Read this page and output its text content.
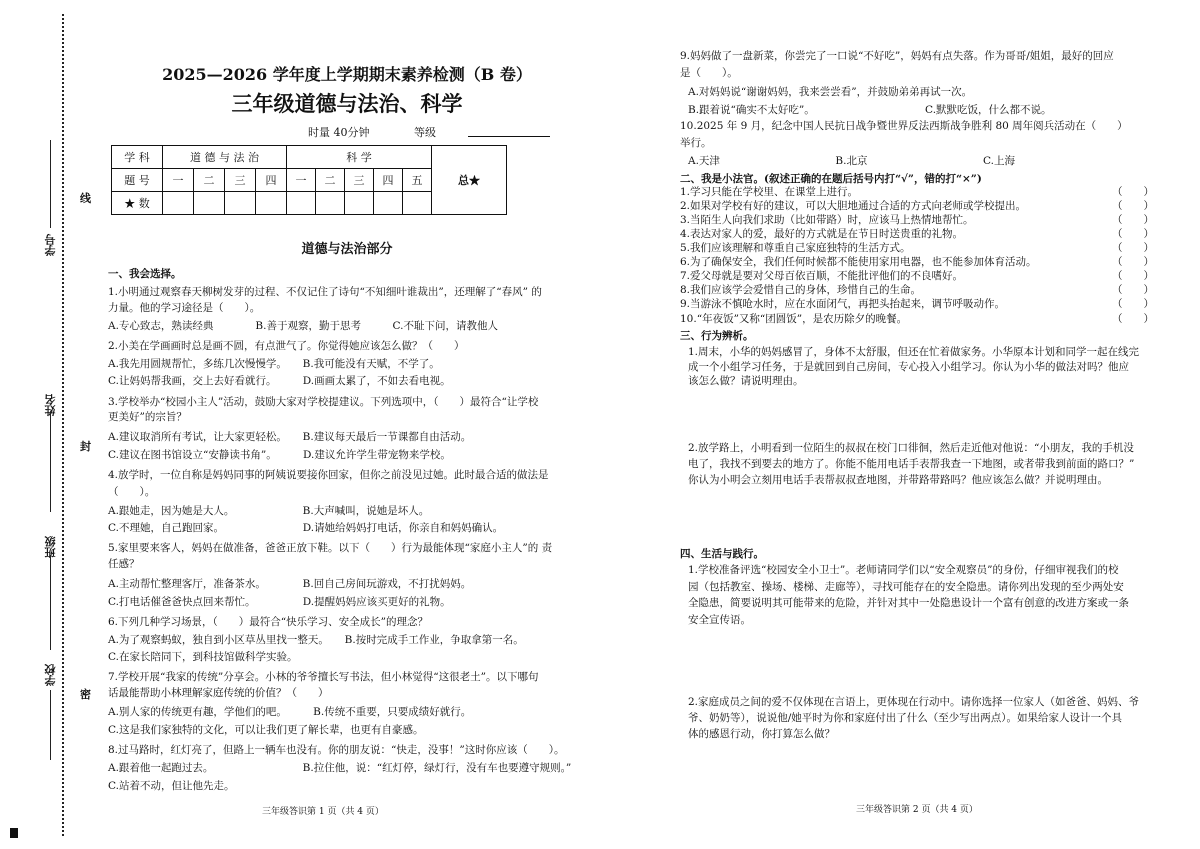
学号
姓名
班级
学校
线
封
密
2025—2026 学年度上学期期末素养检测（B 卷）
三年级道德与法治、科学
时量 40分钟	等级
学 科	道 德 与 法 治				科 学					总★
题 号	一	二	三	四	一	二	三	四	五	
★ 数										
道德与法治部分
一、我会选择。
1.小明通过观察春天柳树发芽的过程、不仅记住了诗句“不知细叶谁裁出”，还理解了“春风” 的
力量。他的学习途径是（　　）。
A.专心致志，熟读经典　　　　B.善于观察，勤于思考　　　C.不耻下问，请教他人
2.小美在学画画时总是画不圆，有点泄气了。你觉得她应该怎么做？（　　）
A.我先用圆规帮忙，多练几次慢慢学。　　B.我可能没有天赋，不学了。
C.让妈妈帮我画，交上去好看就行。　　　D.画画太累了，不如去看电视。
3.学校举办“校园小主人”活动，鼓励大家对学校提建议。下列选项中，（　　）最符合“让学校
更美好”的宗旨？
A.建议取消所有考试，让大家更轻松。　　B.建议每天最后一节课都自由活动。
C.建议在图书馆设立“安静读书角”。　　　D.建议允许学生带宠物来学校。
4.放学时，一位自称是妈妈同事的阿姨说要接你回家，但你之前没见过她。此时最合适的做法是
（　　）。
A.跟她走，因为她是大人。　　　　　　　B.大声喊叫，说她是坏人。
C.不理她，自己跑回家。　　　　　　　　D.请她给妈妈打电话，你亲自和妈妈确认。
5.家里要来客人，妈妈在做准备，爸爸正放下鞋。以下（　　）行为最能体现“家庭小主人”的 责
任感？
A.主动帮忙整理客厅，准备茶水。　　　　B.回自己房间玩游戏，不打扰妈妈。
C.打电话催爸爸快点回来帮忙。　　　　　D.提醒妈妈应该买更好的礼物。
6.下列几种学习场景，（　　）最符合“快乐学习、安全成长”的理念？
A.为了观察蚂蚁，独自到小区草丛里找一整天。　　B.按时完成手工作业，争取拿第一名。
C.在家长陪同下，到科技馆做科学实验。
7.学校开展“我家的传统”分享会。小林的爷爷擅长写书法，但小林觉得“这很老土”。以下哪句
话最能帮助小林理解家庭传统的价值？（　　）
A.别人家的传统更有趣，学他们的吧。　　　B.传统不重要，只要成绩好就行。
C.这是我们家独特的文化，可以让我们更了解长辈，也更有自豪感。
8.过马路时，红灯亮了，但路上一辆车也没有。你的朋友说：“快走，没事！”这时你应该（　　）。
A.跟着他一起跑过去。　　　　　　　　　B.拉住他，说：“红灯停，绿灯行，没有车也要遵守规则。”
C.站着不动，但让他先走。
三年级答识第 1 页（共 4 页）
9.妈妈做了一盘新菜，你尝完了一口说“不好吃”，妈妈有点失落。作为哥哥/姐姐，最好的回应
是（　　）。
A.对妈妈说“谢谢妈妈，我来尝尝看”，并鼓励弟弟再试一次。
B.跟着说“确实不太好吃”。　　　　　　　　　　　C.默默吃饭，什么都不说。
10.2025 年 9 月，纪念中国人民抗日战争暨世界反法西斯战争胜利 80 周年阅兵活动在（　　）
举行。
A.天津　　　　　　　　　　　B.北京　　　　　　　　　　　C.上海
二、我是小法官。(叙述正确的在题后括号内打“√”，错的打“×”)
1.学习只能在学校里、在课堂上进行。
2.如果对学校有好的建议，可以大胆地通过合适的方式向老师或学校提出。
3.当陌生人向我们求助（比如带路）时，应该马上热情地帮忙。
4.表达对家人的爱，最好的方式就是在节日时送贵重的礼物。
5.我们应该理解和尊重自己家庭独特的生活方式。
6.为了确保安全，我们任何时候都不能使用家用电器，也不能参加体育活动。
7.爱父母就是要对父母百依百顺，不能批评他们的不良嗜好。
8.我们应该学会爱惜自己的身体，珍惜自己的生命。
9.当游泳不慎呛水时，应在水面闭气，再把头抬起来，调节呼吸动作。
10.“年夜饭”又称“团圆饭”，是农历除夕的晚餐。
三、行为辨析。
1.周末，小华的妈妈感冒了，身体不太舒服，但还在忙着做家务。小华原本计划和同学一起在线完
成一个小组学习任务，于是就回到自己房间，专心投入小组学习。你认为小华的做法对吗？他应
该怎么做？请说明理由。
2.放学路上，小明看到一位陌生的叔叔在校门口徘徊，然后走近他对他说：“小朋友，我的手机没
电了，我找不到要去的地方了。你能不能用电话手表帮我查一下地图，或者带我到前面的路口？”
你认为小明会立刻用电话手表帮叔叔查地图，并带路带路吗？他应该怎么做？并说明理由。
四、生活与践行。
1.学校准备评选“校园安全小卫士”。老师请同学们以“安全观察员”的身份，仔细审视我们的校
园（包括教室、操场、楼梯、走廊等），寻找可能存在的安全隐患。请你列出发现的至少两处安
全隐患，简要说明其可能带来的危险，并针对其中一处隐患设计一个富有创意的改进方案或一条
安全宣传语。
2.家庭成员之间的爱不仅体现在言语上，更体现在行动中。请你选择一位家人（如爸爸、妈妈、爷
爷、奶奶等），说说他/她平时为你和家庭付出了什么（至少写出两点）。如果给家人设计一个具
体的感恩行动，你打算怎么做？
（　　）
（　　）
（　　）
（　　）
（　　）
（　　）
（　　）
（　　）
（　　）
（　　）
三年级答识第 2 页（共 4 页）
